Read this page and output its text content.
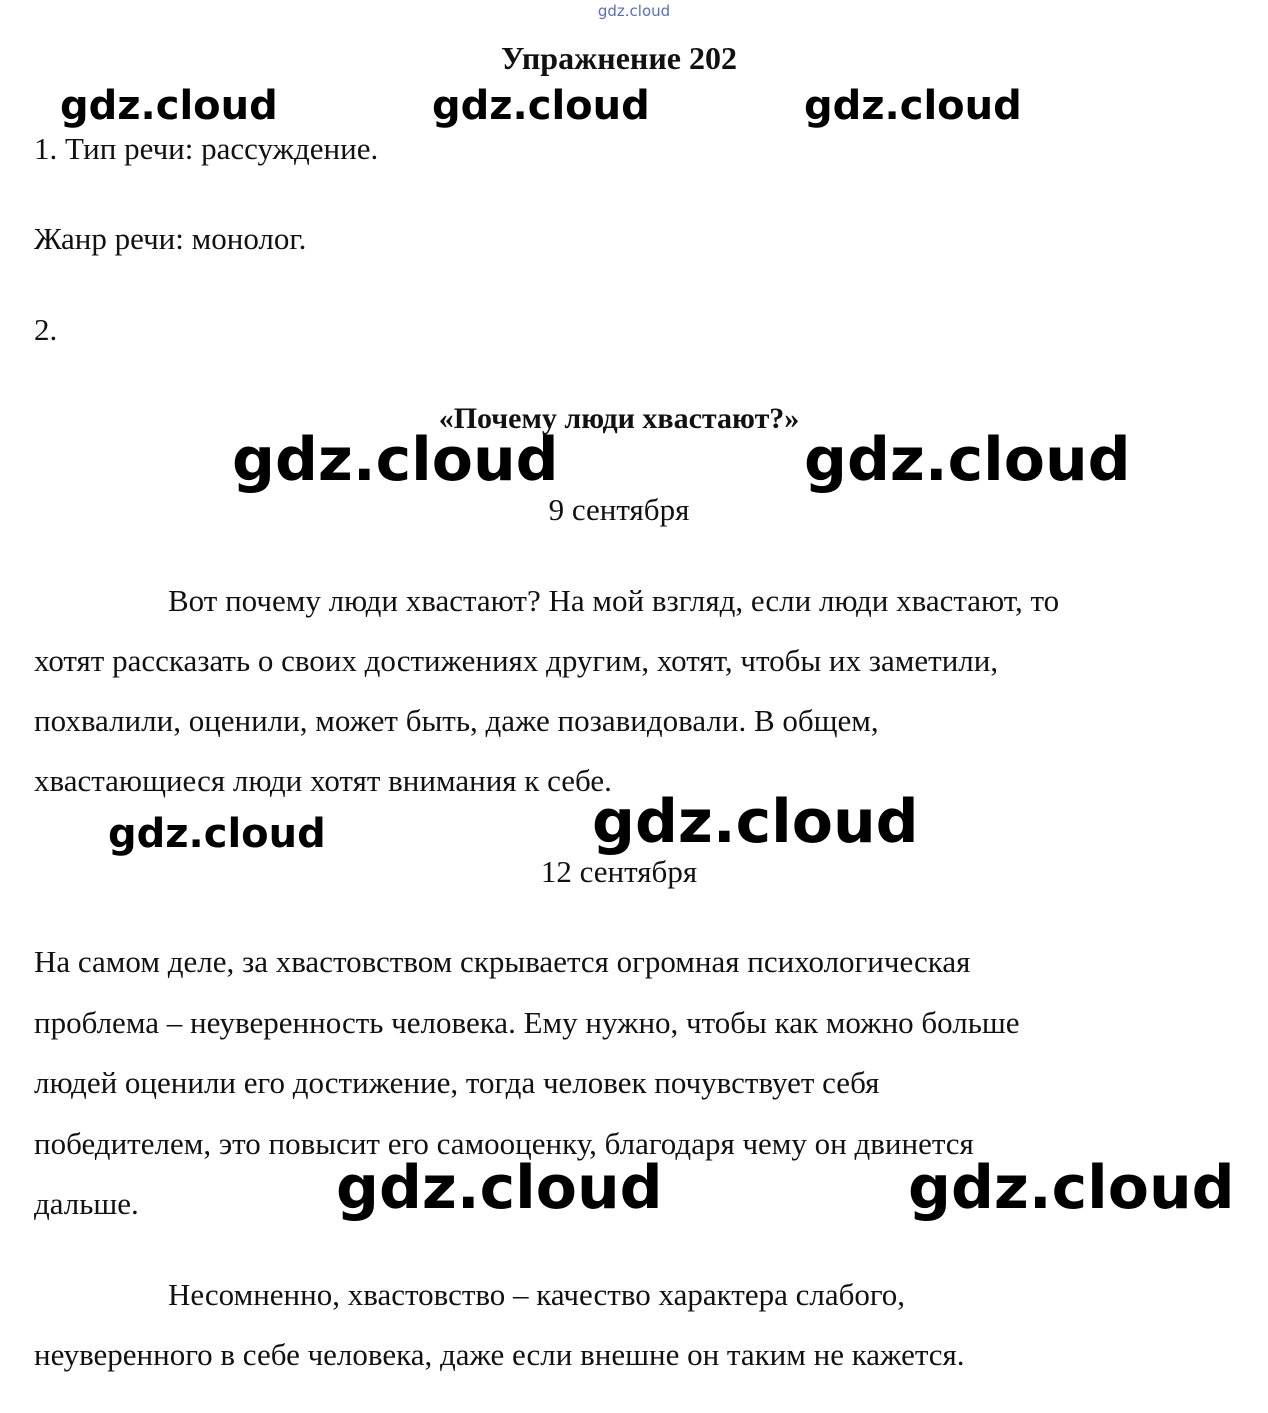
gdz.cloud
Упражнение 202
gdz.cloud	gdz.cloud	gdz.cloud
1. Тип речи: рассуждение.
Жанр речи: монолог.
2.
«Почему люди хвастают?»
gdz.cloud	gdz.cloud
9 сентября
Вот почему люди хвастают? На мой взгляд, если люди хвастают, то
хотят рассказать о своих достижениях другим, хотят, чтобы их заметили,
похвалили, оценили, может быть, даже позавидовали. В общем,
хвастающиеся люди хотят внимания к себе.
gdz.cloud	gdz.cloud
12 сентября
На самом деле, за хвастовством скрывается огромная психологическая
проблема – неуверенность человека. Ему нужно, чтобы как можно больше
людей оценили его достижение, тогда человек почувствует себя
победителем, это повысит его самооценку, благодаря чему он двинется
дальше.	gdz.cloud	gdz.cloud
Несомненно, хвастовство – качество характера слабого,
неуверенного в себе человека, даже если внешне он таким не кажется.
